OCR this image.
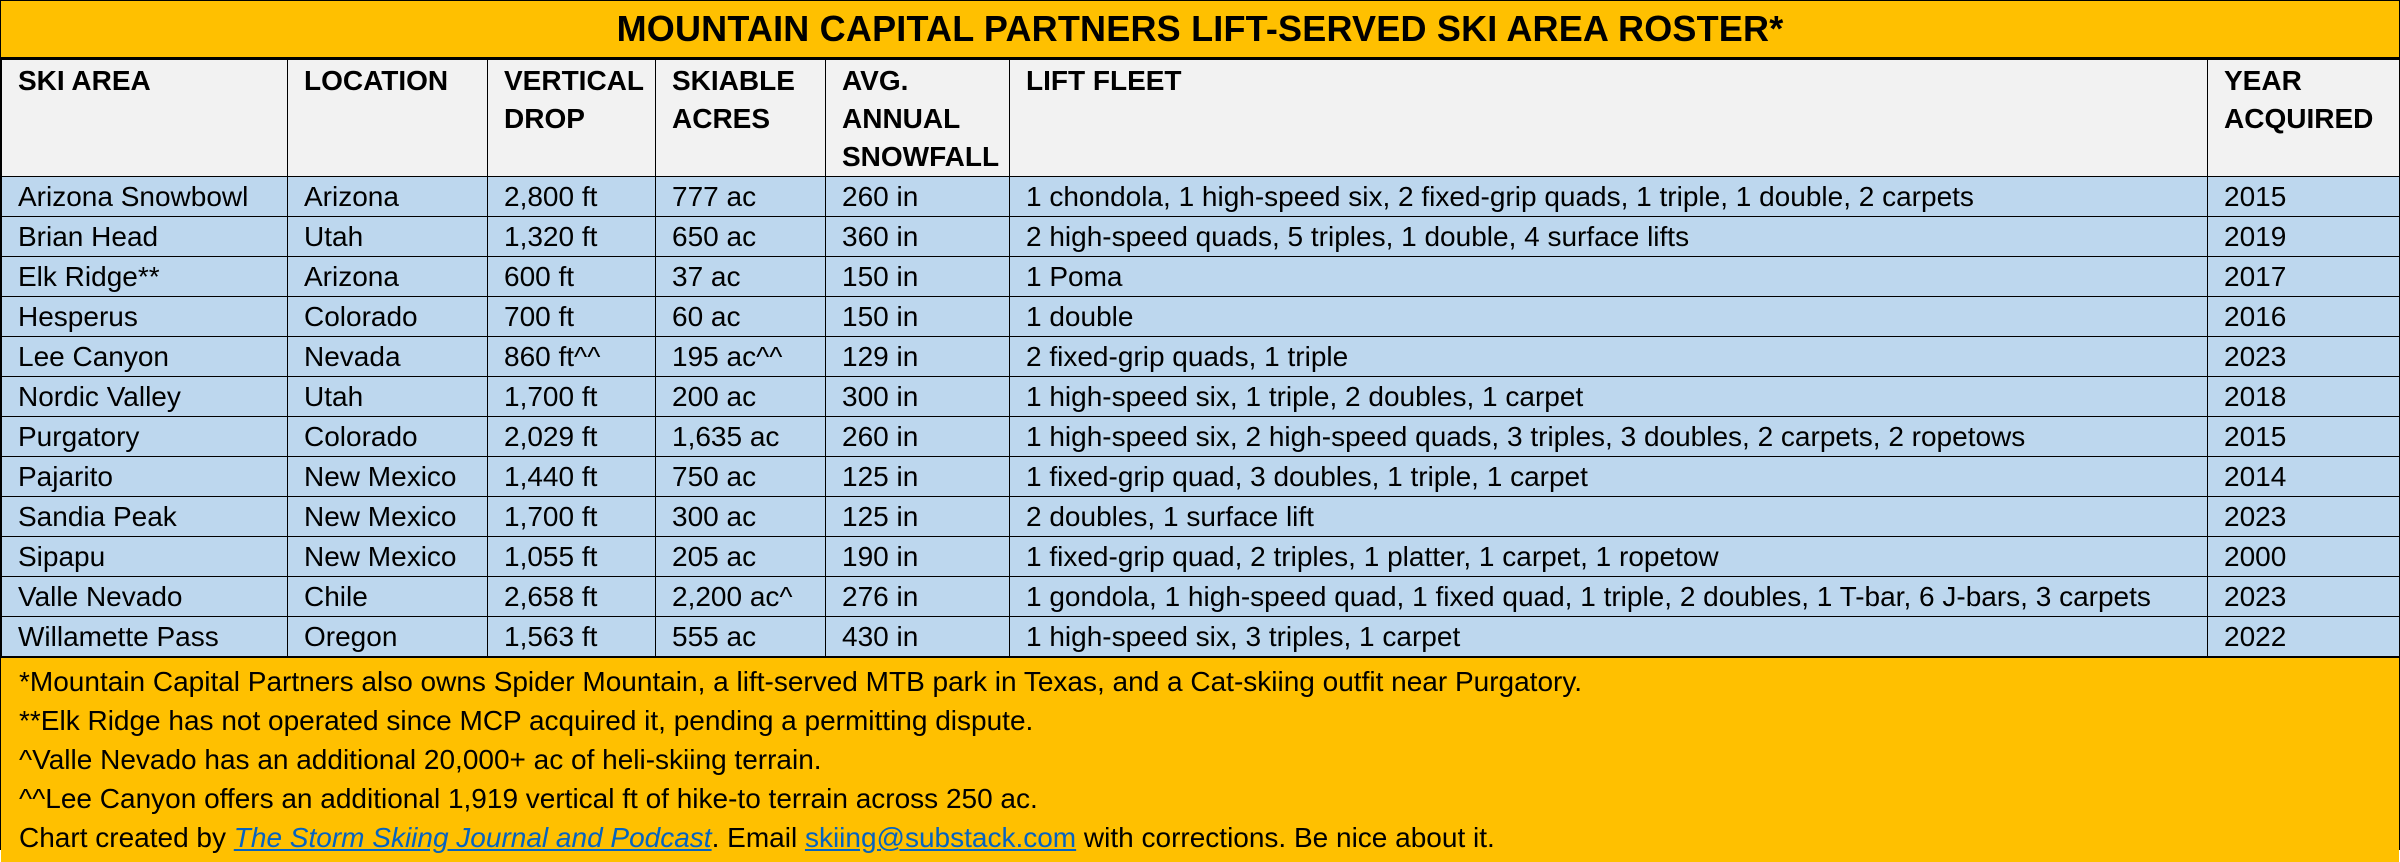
MOUNTAIN CAPITAL PARTNERS LIFT-SERVED SKI AREA ROSTER*
SKI AREA	LOCATION	VERTICAL DROP	SKIABLE ACRES	AVG. ANNUAL SNOWFALL	LIFT FLEET	YEAR ACQUIRED
Arizona Snowbowl	Arizona	2,800 ft	777 ac	260 in	1 chondola, 1 high-speed six, 2 fixed-grip quads, 1 triple, 1 double, 2 carpets	2015
Brian Head	Utah	1,320 ft	650 ac	360 in	2 high-speed quads, 5 triples, 1 double, 4 surface lifts	2019
Elk Ridge**	Arizona	600 ft	37 ac	150 in	1 Poma	2017
Hesperus	Colorado	700 ft	60 ac	150 in	1 double	2016
Lee Canyon	Nevada	860 ft^^	195 ac^^	129 in	2 fixed-grip quads, 1 triple	2023
Nordic Valley	Utah	1,700 ft	200 ac	300 in	1 high-speed six, 1 triple, 2 doubles, 1 carpet	2018
Purgatory	Colorado	2,029 ft	1,635 ac	260 in	1 high-speed six, 2 high-speed quads, 3 triples, 3 doubles, 2 carpets, 2 ropetows	2015
Pajarito	New Mexico	1,440 ft	750 ac	125 in	1 fixed-grip quad, 3 doubles, 1 triple, 1 carpet	2014
Sandia Peak	New Mexico	1,700 ft	300 ac	125 in	2 doubles, 1 surface lift	2023
Sipapu	New Mexico	1,055 ft	205 ac	190 in	1 fixed-grip quad, 2 triples, 1 platter, 1 carpet, 1 ropetow	2000
Valle Nevado	Chile	2,658 ft	2,200 ac^	276 in	1 gondola, 1 high-speed quad, 1 fixed quad, 1 triple, 2 doubles, 1 T-bar, 6 J-bars, 3 carpets	2023
Willamette Pass	Oregon	1,563 ft	555 ac	430 in	1 high-speed six, 3 triples, 1 carpet	2022
*Mountain Capital Partners also owns Spider Mountain, a lift-served MTB park in Texas, and a Cat-skiing outfit near Purgatory.
**Elk Ridge has not operated since MCP acquired it, pending a permitting dispute.
^Valle Nevado has an additional 20,000+ ac of heli-skiing terrain.
^^Lee Canyon offers an additional 1,919 vertical ft of hike-to terrain across 250 ac.
Chart created by The Storm Skiing Journal and Podcast. Email skiing@substack.com with corrections. Be nice about it.
